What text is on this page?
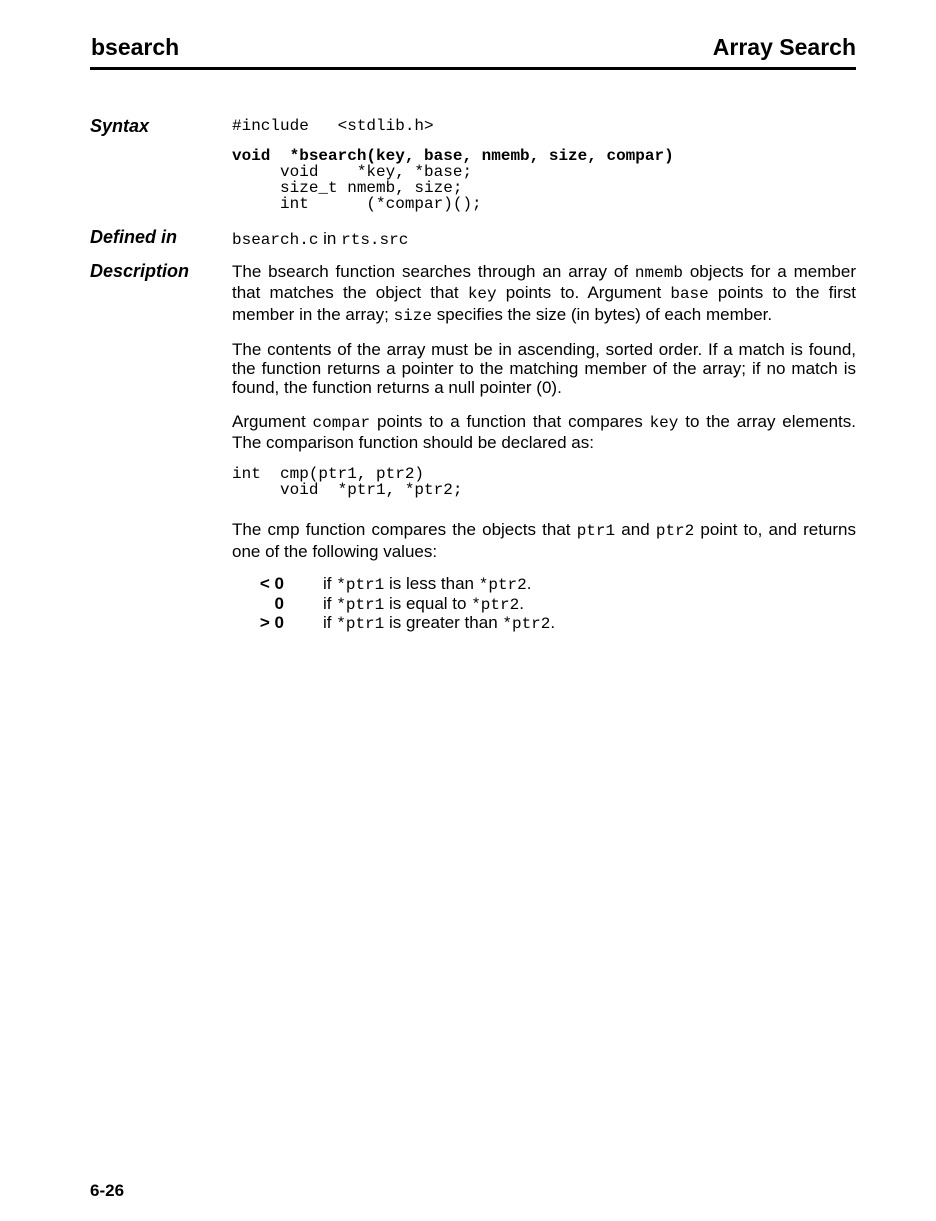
bsearch	Array Search
Syntax	#include   <stdlib.h>
void  *bsearch(key, base, nmemb, size, compar)
void    *key, *base;
size_t nmemb, size;
int      (*compar)();
Defined in	bsearch.c in rts.src
Description	The bsearch function searches through an array of nmemb objects for a member that matches the object that key points to. Argument base points to the first member in the array; size specifies the size (in bytes) of each member.

The contents of the array must be in ascending, sorted order. If a match is found, the function returns a pointer to the matching member of the array; if no match is found, the function returns a null pointer (0).

Argument compar points to a function that compares key to the array elements. The comparison function should be declared as:

int  cmp(ptr1, ptr2)
void  *ptr1, *ptr2;

The cmp function compares the objects that ptr1 and ptr2 point to, and returns one of the following values:

< 0 if *ptr1 is less than *ptr2.
0 if *ptr1 is equal to *ptr2.
> 0 if *ptr1 is greater than *ptr2.
6-26
